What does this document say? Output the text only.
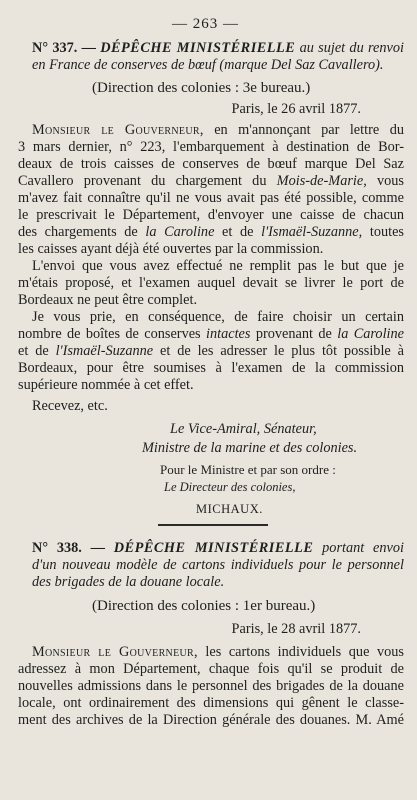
— 263 —
N° 337. — DÉPÊCHE MINISTÉRIELLE au sujet du renvoi
en France de conserves de bœuf (marque Del Saz Cavallero).
(Direction des colonies : 3e bureau.)
Paris, le 26 avril 1877.
Monsieur le Gouverneur, en m'annonçant par lettre du
3 mars dernier, n° 223, l'embarquement à destination de Bor-
deaux de trois caisses de conserves de bœuf marque Del Saz
Cavallero provenant du chargement du Mois-de-Marie, vous
m'avez fait connaître qu'il ne vous avait pas été possible, comme
le prescrivait le Département, d'envoyer une caisse de chacun
des chargements de la Caroline et de l'Ismaël-Suzanne, toutes
les caisses ayant déjà été ouvertes par la commission.
L'envoi que vous avez effectué ne remplit pas le but que je
m'étais proposé, et l'examen auquel devait se livrer le port de
Bordeaux ne peut être complet.
Je vous prie, en conséquence, de faire choisir un certain
nombre de boîtes de conserves intactes provenant de la Caroline
et de l'Ismaël-Suzanne et de les adresser le plus tôt possible à
Bordeaux, pour être soumises à l'examen de la commission
supérieure nommée à cet effet.
Recevez, etc.
Le Vice-Amiral, Sénateur,
Ministre de la marine et des colonies.
Pour le Ministre et par son ordre :
Le Directeur des colonies,
MICHAUX.
N° 338. — DÉPÊCHE MINISTÉRIELLE portant envoi
d'un nouveau modèle de cartons individuels pour le personnel
des brigades de la douane locale.
(Direction des colonies : 1er bureau.)
Paris, le 28 avril 1877.
Monsieur le Gouverneur, les cartons individuels que vous
adressez à mon Département, chaque fois qu'il se produit de
nouvelles admissions dans le personnel des brigades de la douane
locale, ont ordinairement des dimensions qui gênent le classe-
ment des archives de la Direction générale des douanes. M. Amé
